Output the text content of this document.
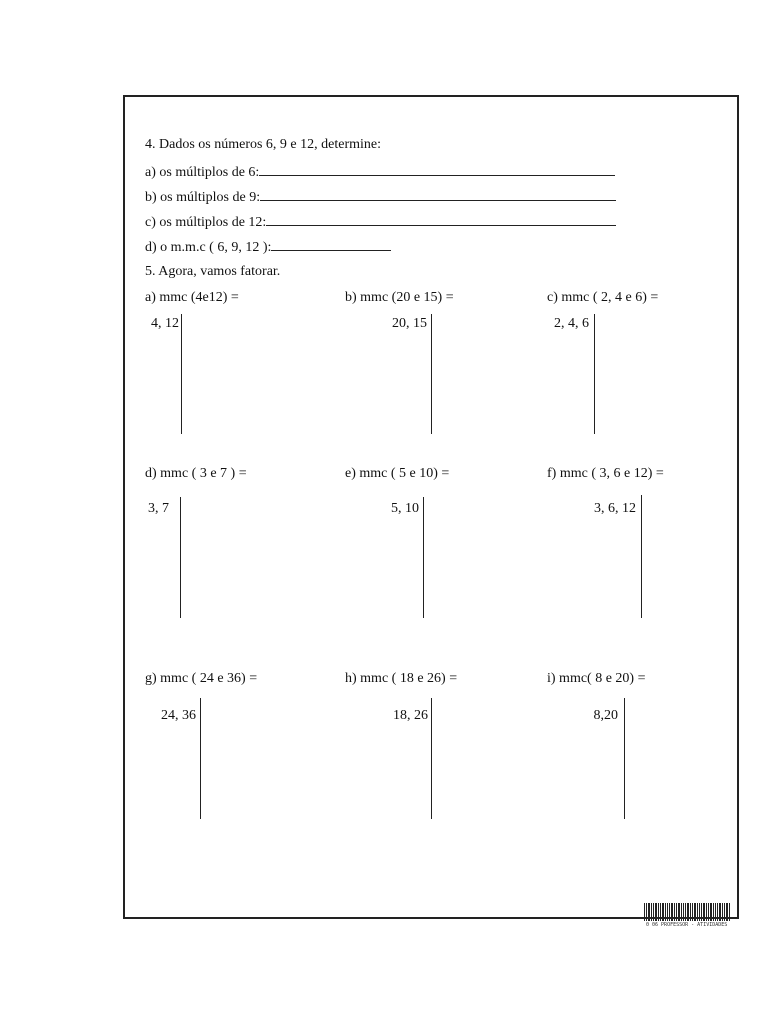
4. Dados os números 6, 9 e 12, determine:
a) os múltiplos de 6:
b) os múltiplos de 9:
c) os múltiplos de 12:
d) o m.m.c ( 6, 9, 12 ):
5. Agora, vamos fatorar.
a) mmc (4e12) =
4, 12
b) mmc (20 e 15) =
20, 15
c) mmc ( 2, 4 e 6) =
2, 4, 6
d) mmc ( 3 e 7 ) =
3, 7
e) mmc ( 5 e 10) =
5, 10
f) mmc ( 3, 6 e 12) =
3, 6, 12
g) mmc ( 24 e 36) =
24, 36
h) mmc ( 18 e 26) =
18, 26
i) mmc( 8 e 20) =
8,20
0 06 PROFESSOR - ATIVIDADES
